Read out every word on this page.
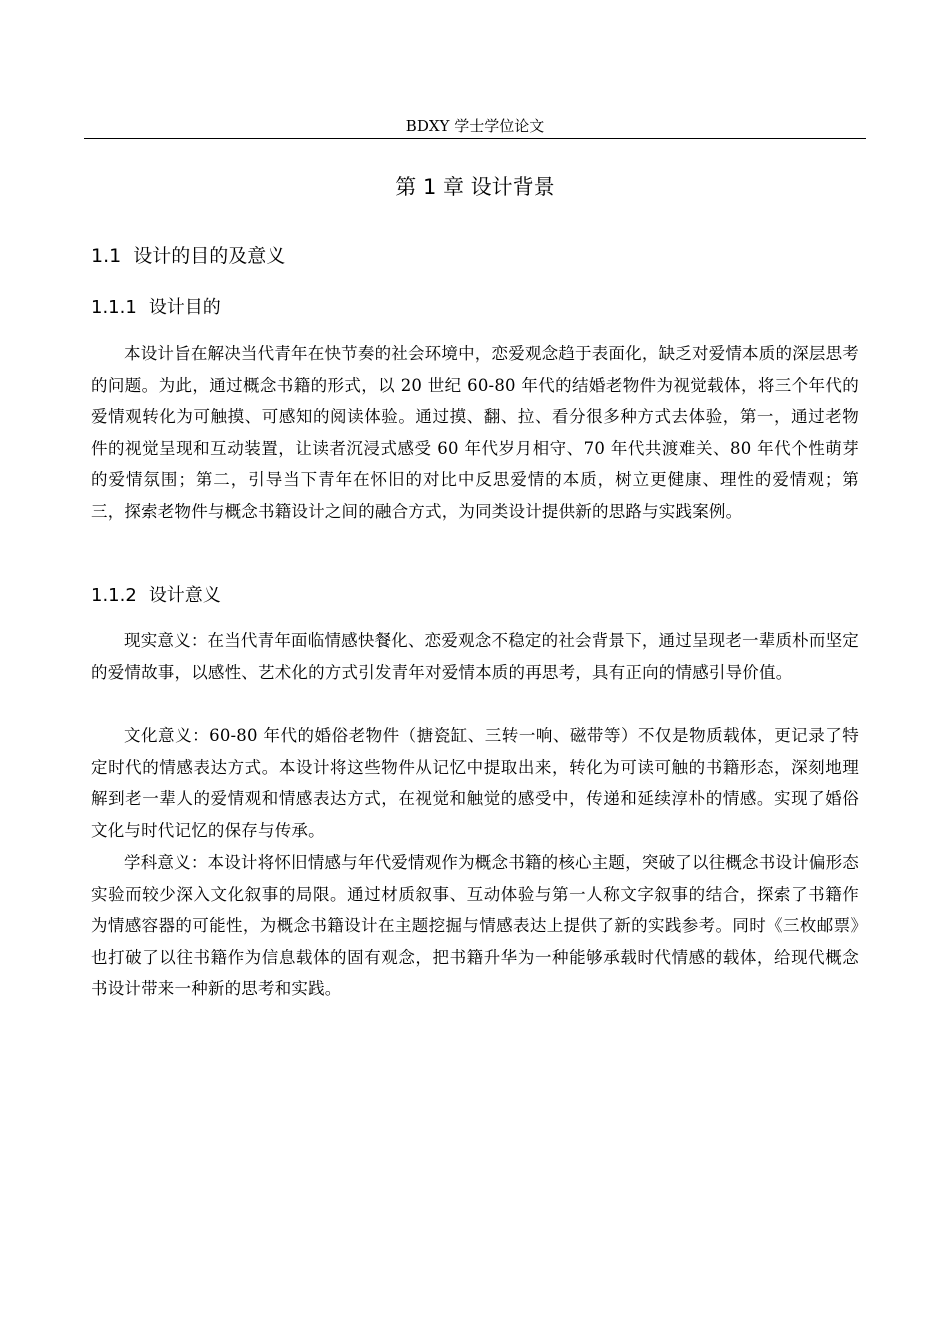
BDXY 学士学位论文
第 1 章 设计背景
1.1 设计的目的及意义
1.1.1 设计目的

本设计旨在解决当代青年在快节奏的社会环境中，恋爱观念趋于表面化，缺乏对爱情本质的深层思考的问题。为此，通过概念书籍的形式，以 20 世纪 60-80 年代的结婚老物件为视觉载体，将三个年代的爱情观转化为可触摸、可感知的阅读体验。通过摸、翻、拉、看分很多种方式去体验，第一，通过老物件的视觉呈现和互动装置，让读者沉浸式感受 60 年代岁月相守、70 年代共渡难关、80 年代个性萌芽的爱情氛围；第二，引导当下青年在怀旧的对比中反思爱情的本质，树立更健康、理性的爱情观；第三，探索老物件与概念书籍设计之间的融合方式，为同类设计提供新的思路与实践案例。

1.1.2 设计意义

现实意义：在当代青年面临情感快餐化、恋爱观念不稳定的社会背景下，通过呈现老一辈质朴而坚定的爱情故事，以感性、艺术化的方式引发青年对爱情本质的再思考，具有正向的情感引导价值。

文化意义：60-80 年代的婚俗老物件（搪瓷缸、三转一响、磁带等）不仅是物质载体，更记录了特定时代的情感表达方式。本设计将这些物件从记忆中提取出来，转化为可读可触的书籍形态，深刻地理解到老一辈人的爱情观和情感表达方式，在视觉和触觉的感受中，传递和延续淳朴的情感。实现了婚俗文化与时代记忆的保存与传承。

学科意义：本设计将怀旧情感与年代爱情观作为概念书籍的核心主题，突破了以往概念书设计偏形态实验而较少深入文化叙事的局限。通过材质叙事、互动体验与第一人称文字叙事的结合，探索了书籍作为情感容器的可能性，为概念书籍设计在主题挖掘与情感表达上提供了新的实践参考。同时《三枚邮票》也打破了以往书籍作为信息载体的固有观念，把书籍升华为一种能够承载时代情感的载体，给现代概念书设计带来一种新的思考和实践。
